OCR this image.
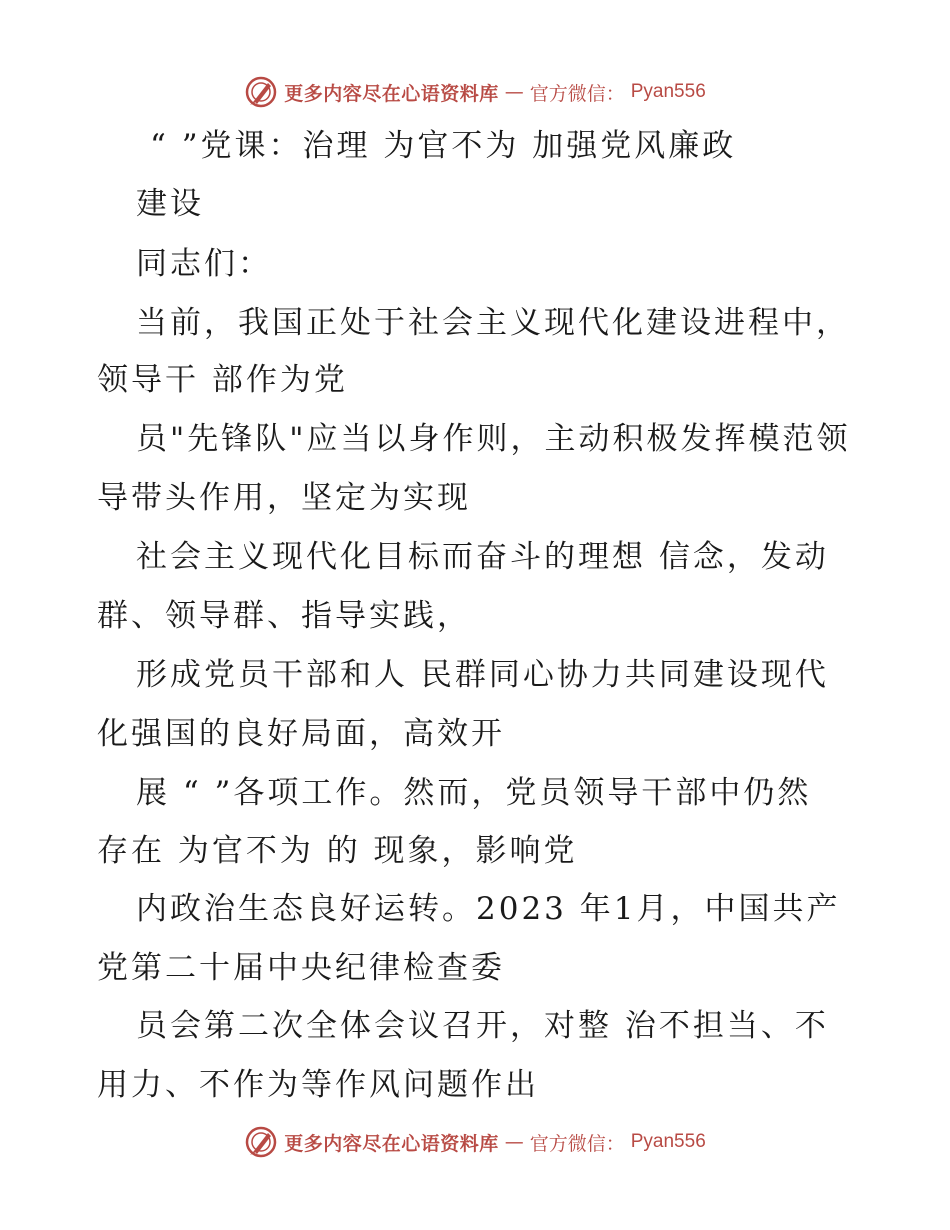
更多内容尽在心语资料库 — 官方微信： Pyan556
“ ”党课：治理 为官不为 加强党风廉政
建设
同志们：
当前，我国正处于社会主义现代化建设进程中，
领导干 部作为党
员"先锋队"应当以身作则，主动积极发挥模范领
导带头作用，坚定为实现
社会主义现代化目标而奋斗的理想 信念，发动
群、领导群、指导实践，
形成党员干部和人 民群同心协力共同建设现代
化强国的良好局面，高效开
展 “ ”各项工作。然而，党员领导干部中仍然
存在 为官不为 的 现象，影响党
内政治生态良好运转。2023 年1月，中国共产
党第二十届中央纪律检查委
员会第二次全体会议召开，对整 治不担当、不
用力、不作为等作风问题作出
更多内容尽在心语资料库 — 官方微信： Pyan556
